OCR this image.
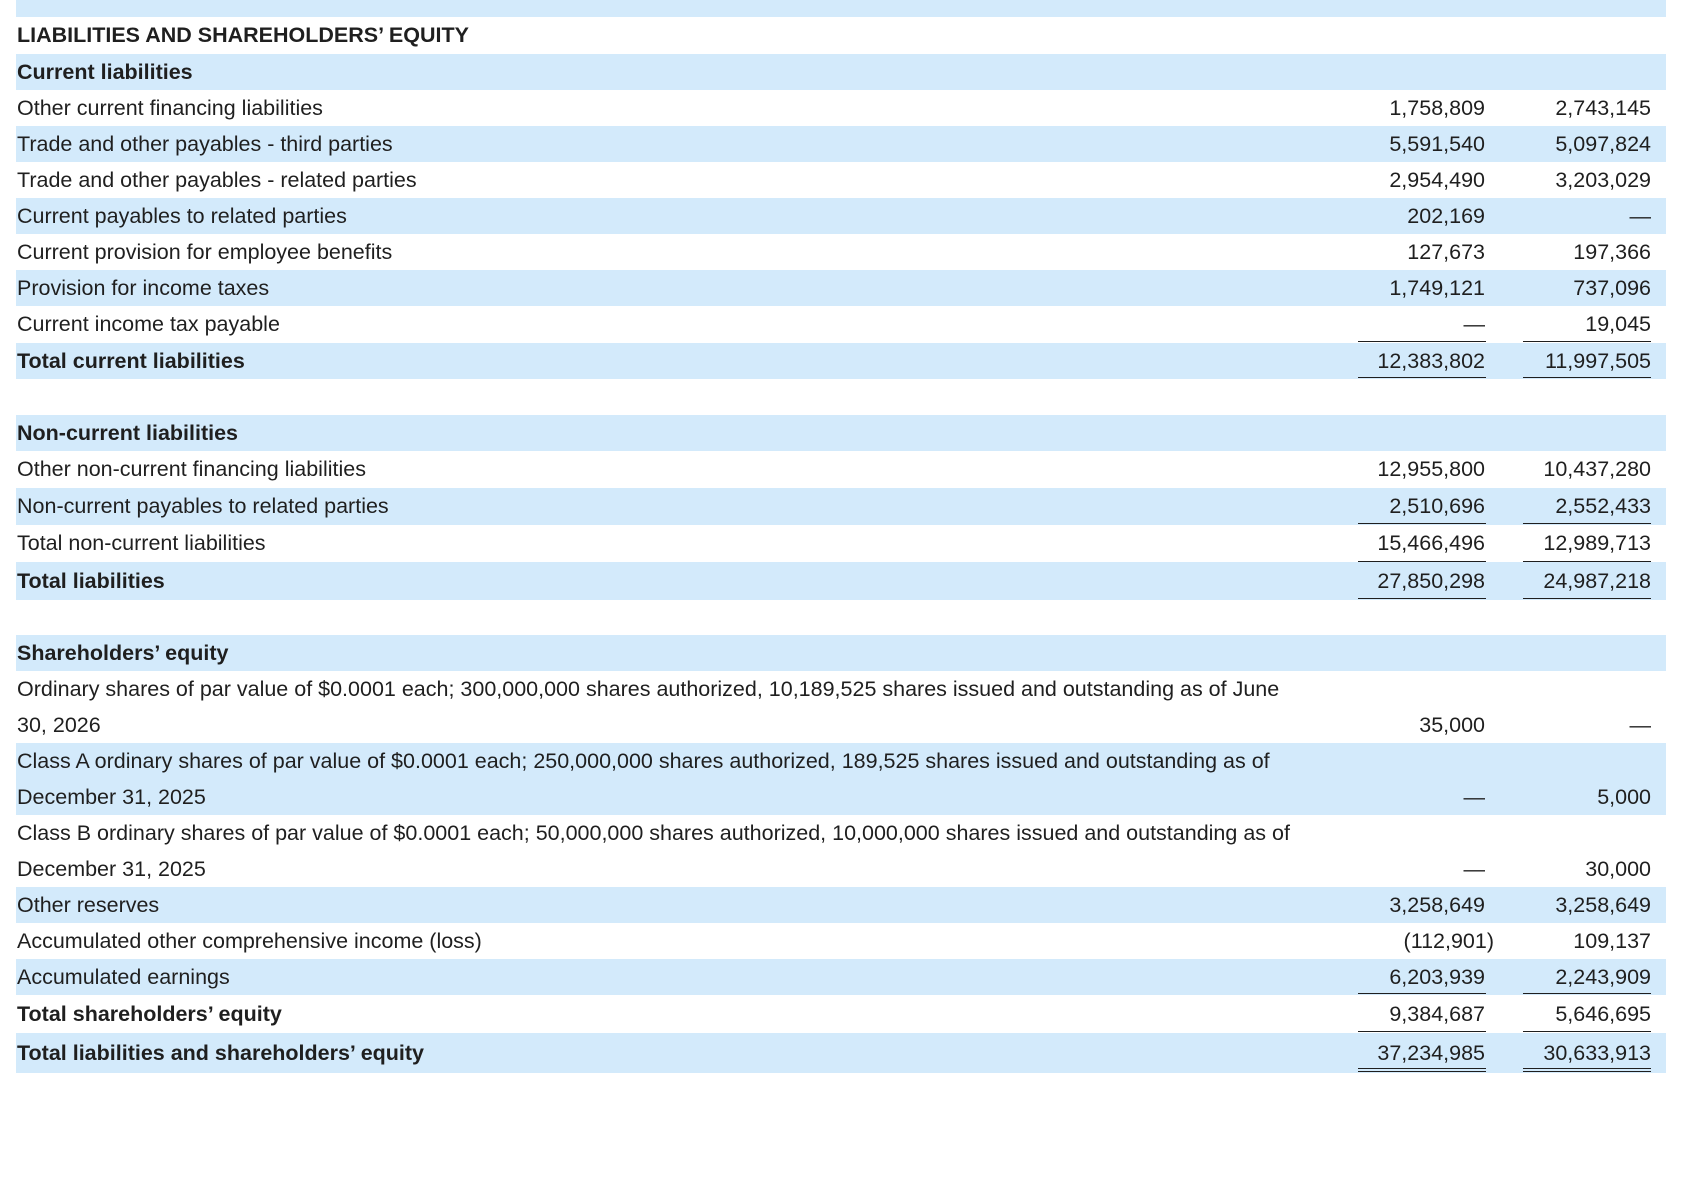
LIABILITIES AND SHAREHOLDERS’ EQUITY
Current liabilities
Other current financing liabilities	1,758,809	2,743,145
Trade and other payables - third parties	5,591,540	5,097,824
Trade and other payables - related parties	2,954,490	3,203,029
Current payables to related parties	202,169	—
Current provision for employee benefits	127,673	197,366
Provision for income taxes	1,749,121	737,096
Current income tax payable	—	19,045
Total current liabilities	12,383,802	11,997,505
Non-current liabilities
Other non-current financing liabilities	12,955,800	10,437,280
Non-current payables to related parties	2,510,696	2,552,433
Total non-current liabilities	15,466,496	12,989,713
Total liabilities	27,850,298	24,987,218
Shareholders’ equity
Ordinary shares of par value of $0.0001 each; 300,000,000 shares authorized, 10,189,525 shares issued and outstanding as of June
30, 2026	35,000	—
Class A ordinary shares of par value of $0.0001 each; 250,000,000 shares authorized, 189,525 shares issued and outstanding as of
December 31, 2025	—	5,000
Class B ordinary shares of par value of $0.0001 each; 50,000,000 shares authorized, 10,000,000 shares issued and outstanding as of
December 31, 2025	—	30,000
Other reserves	3,258,649	3,258,649
Accumulated other comprehensive income (loss)	(112,901)	109,137
Accumulated earnings	6,203,939	2,243,909
Total shareholders’ equity	9,384,687	5,646,695
Total liabilities and shareholders’ equity	37,234,985	30,633,913
